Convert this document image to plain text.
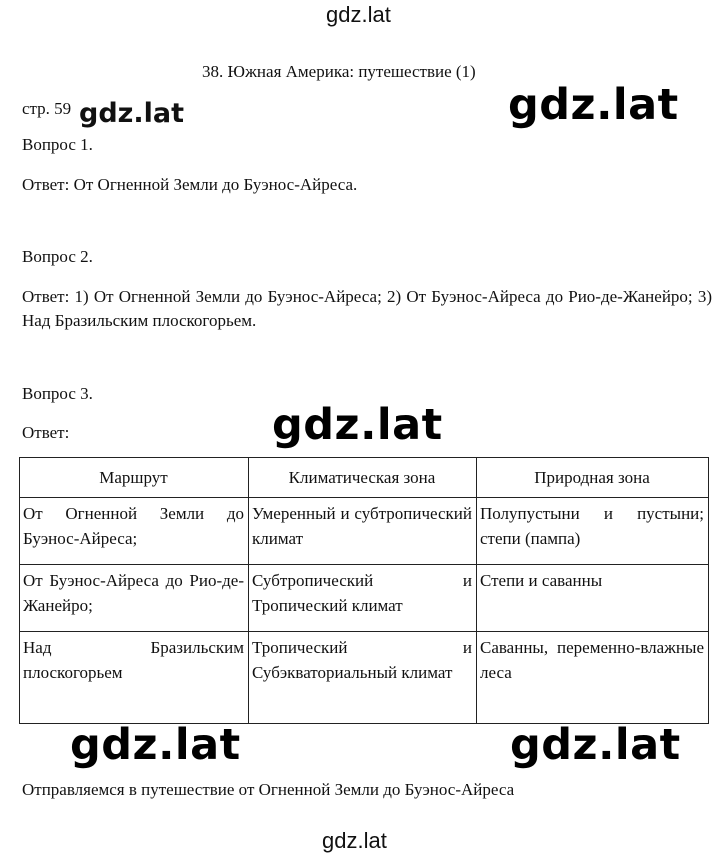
gdz.lat
38. Южная Америка: путешествие (1)
стр. 59 gdz.lat	gdz.lat
Вопрос 1.
Ответ: От Огненной Земли до Буэнос-Айреса.
Вопрос 2.
Ответ: 1) От Огненной Земли до Буэнос-Айреса; 2) От Буэнос-Айреса до Рио-де-Жанейро; 3) Над Бразильским плоскогорьем.
Вопрос 3.
Ответ:	gdz.lat
Маршрут	Климатическая зона	Природная зона
От Огненной Земли до Буэнос-Айреса;	Умеренный и субтропический климат	Полупустыни и пустыни; степи (пампа)
От Буэнос-Айреса до Рио-де-Жанейро;	Субтропический и Тропический климат	Степи и саванны
Над Бразильским плоскогорьем	Тропический и Субэкваториальный климат	Саванны, переменно-влажные леса
gdz.lat	gdz.lat
Отправляемся в путешествие от Огненной Земли до Буэнос-Айреса
gdz.lat
